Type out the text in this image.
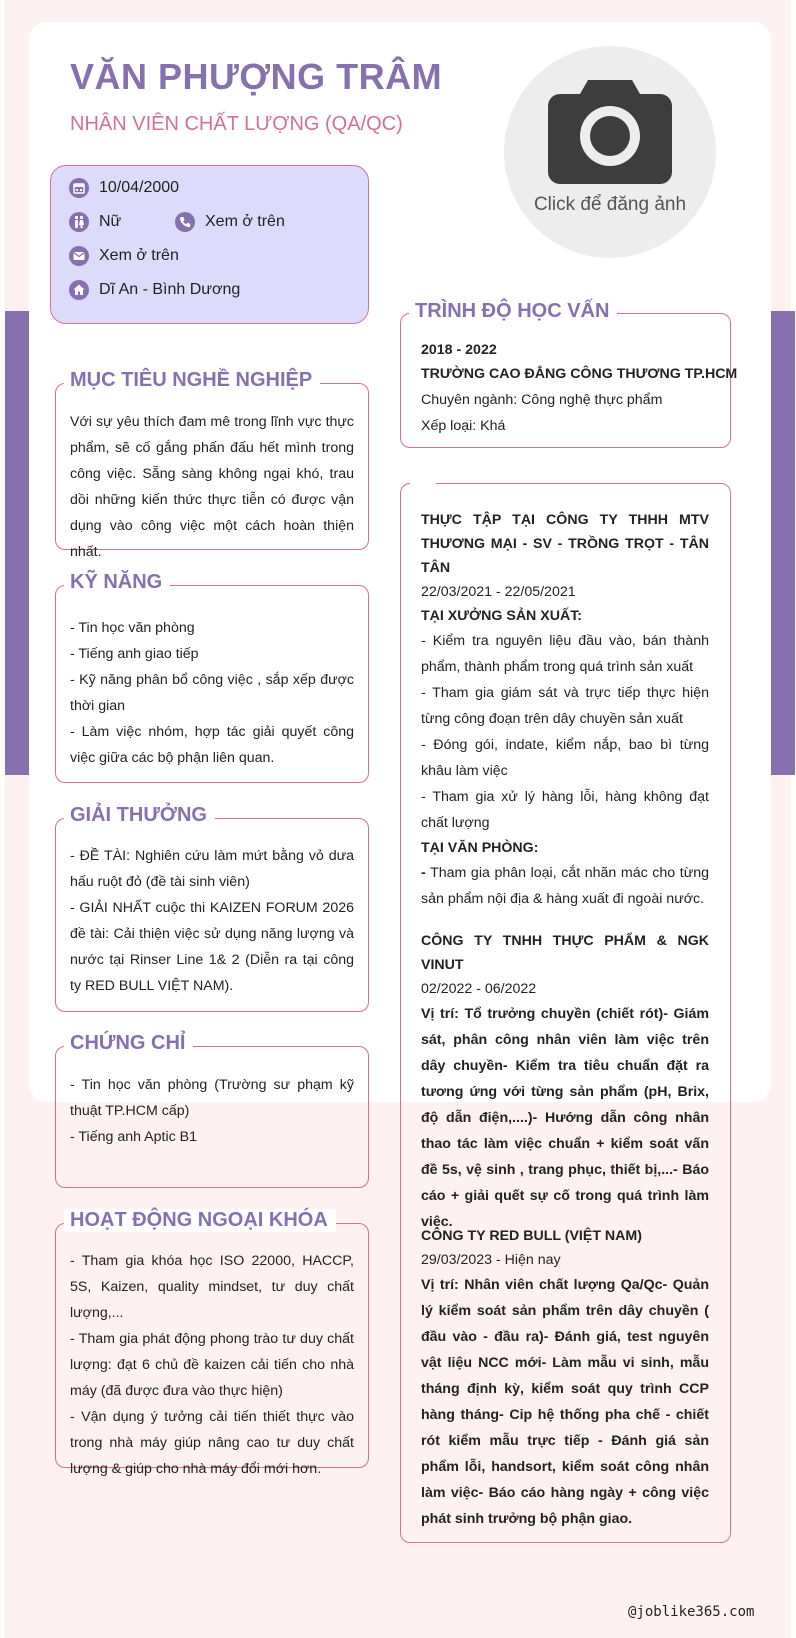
VĂN PHƯỢNG TRÂM
NHÂN VIÊN CHẤT LƯỢNG (QA/QC)
Click để đăng ảnh
10/04/2000
Nữ	Xem ở trên
Xem ở trên
Dĩ An - Bình Dương
MỤC TIÊU NGHỀ NGHIỆP
Với sự yêu thích đam mê trong lĩnh vực thực phẩm, sẽ cố gắng phấn đấu hết mình trong công việc. Sẵng sàng không ngại khó, trau dồi những kiến thức thực tiễn có được vận dụng vào công việc một cách hoàn thiện nhất.
KỸ NĂNG

- Tin học văn phòng

- Tiếng anh giao tiếp

- Kỹ năng phân bổ công việc , sắp xếp được thời gian

- Làm việc nhóm, hợp tác giải quyết công việc giữa các bộ phận liên quan.

GIẢI THƯỞNG

- ĐỀ TÀI: Nghiên cứu làm mứt bằng vỏ dưa hấu ruột đỏ (đề tài sinh viên)

- GIẢI NHẤT cuộc thi KAIZEN FORUM 2026 đề tài: Cải thiện việc sử dụng năng lượng và nước tại Rinser Line 1& 2 (Diễn ra tại công ty RED BULL VIỆT NAM).

CHỨNG CHỈ

- Tin học văn phòng (Trường sư phạm kỹ thuật TP.HCM cấp)

- Tiếng anh Aptic B1

HOẠT ĐỘNG NGOẠI KHÓA

- Tham gia khóa học ISO 22000, HACCP, 5S, Kaizen, quality mindset, tư duy chất lượng,...

- Tham gia phát động phong trào tư duy chất lượng: đạt 6 chủ đề kaizen cải tiến cho nhà máy (đã được đưa vào thực hiện)

- Vận dụng ý tưởng cải tiến thiết thực vào trong nhà máy giúp nâng cao tư duy chất lượng & giúp cho nhà máy đổi mới hơn.

TRÌNH ĐỘ HỌC VẤN
2018 - 2022
TRƯỜNG CAO ĐẲNG CÔNG THƯƠNG TP.HCM
Chuyên ngành: Công nghệ thực phẩm
Xếp loại: Khá
THỰC TẬP TẠI CÔNG TY THHH MTV THƯƠNG MẠI - SV - TRỒNG TRỌT - TÂN TÂN
22/03/2021 - 22/05/2021
TẠI XƯỞNG SẢN XUẤT:
- Kiểm tra nguyên liệu đầu vào, bán thành phẩm, thành phẩm trong quá trình sản xuất
- Tham gia giám sát và trực tiếp thực hiện từng công đoạn trên dây chuyền sản xuất
- Đóng gói, indate, kiểm nắp, bao bì từng khâu làm việc
- Tham gia xử lý hàng lỗi, hàng không đạt chất lượng
TẠI VĂN PHÒNG:
- Tham gia phân loại, cắt nhãn mác cho từng sản phẩm nội địa & hàng xuất đi ngoài nước.
CÔNG TY TNHH THỰC PHẨM & NGK VINUT
02/2022 - 06/2022
Vị trí: Tổ trưởng chuyền (chiết rót)- Giám sát, phân công nhân viên làm việc trên dây chuyền- Kiểm tra tiêu chuẩn đặt ra tương ứng với từng sản phẩm (pH, Brix, độ dẫn điện,....)- Hướng dẫn công nhân thao tác làm việc chuẩn + kiểm soát vấn đề 5s, vệ sinh , trang phục, thiết bị,...- Báo cáo + giải quết sự cố trong quá trình làm việc.
CÔNG TY RED BULL (VIỆT NAM)
29/03/2023 - Hiện nay
Vị trí: Nhân viên chất lượng Qa/Qc- Quản lý kiểm soát sản phẩm trên dây chuyền ( đầu vào - đầu ra)- Đánh giá, test nguyên vật liệu NCC mới- Làm mẫu vi sinh, mẫu tháng định kỳ, kiểm soát quy trình CCP hàng tháng- Cip hệ thống pha chế - chiết rót kiểm mẫu trực tiếp - Đánh giá sản phẩm lỗi, handsort, kiểm soát công nhân làm việc- Báo cáo hàng ngày + công việc phát sinh trưởng bộ phận giao.
@joblike365.com
